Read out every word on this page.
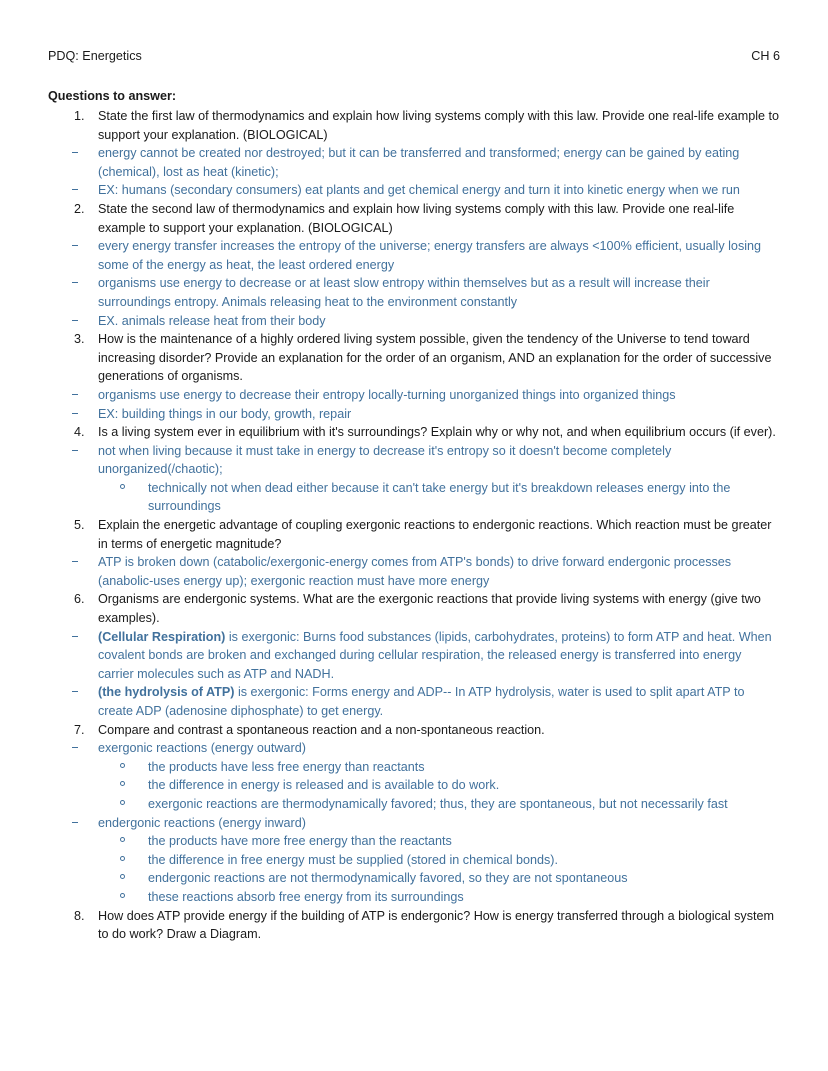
PDQ: Energetics	CH 6
Questions to answer:
1. State the first law of thermodynamics and explain how living systems comply with this law. Provide one real-life example to support your explanation. (BIOLOGICAL)
energy cannot be created nor destroyed; but it can be transferred and transformed; energy can be gained by eating (chemical), lost as heat (kinetic);
EX: humans (secondary consumers) eat plants and get chemical energy and turn it into kinetic energy when we run
2. State the second law of thermodynamics and explain how living systems comply with this law. Provide one real-life example to support your explanation. (BIOLOGICAL)
every energy transfer increases the entropy of the universe; energy transfers are always <100% efficient, usually losing some of the energy as heat, the least ordered energy
organisms use energy to decrease or at least slow entropy within themselves but as a result will increase their surroundings entropy. Animals releasing heat to the environment constantly
EX. animals release heat from their body
3. How is the maintenance of a highly ordered living system possible, given the tendency of the Universe to tend toward increasing disorder? Provide an explanation for the order of an organism, AND an explanation for the order of successive generations of organisms.
organisms use energy to decrease their entropy locally-turning unorganized things into organized things
EX: building things in our body, growth, repair
4. Is a living system ever in equilibrium with it's surroundings? Explain why or why not, and when equilibrium occurs (if ever).
not when living because it must take in energy to decrease it's entropy so it doesn't become completely unorganized(/chaotic);
technically not when dead either because it can't take energy but it's breakdown releases energy into the surroundings
5. Explain the energetic advantage of coupling exergonic reactions to endergonic reactions. Which reaction must be greater in terms of energetic magnitude?
ATP is broken down (catabolic/exergonic-energy comes from ATP's bonds) to drive forward endergonic processes (anabolic-uses energy up); exergonic reaction must have more energy
6. Organisms are endergonic systems. What are the exergonic reactions that provide living systems with energy (give two examples).
(Cellular Respiration) is exergonic: Burns food substances (lipids, carbohydrates, proteins) to form ATP and heat. When covalent bonds are broken and exchanged during cellular respiration, the released energy is transferred into energy carrier molecules such as ATP and NADH.
(the hydrolysis of ATP) is exergonic: Forms energy and ADP-- In ATP hydrolysis, water is used to split apart ATP to create ADP (adenosine diphosphate) to get energy.
7. Compare and contrast a spontaneous reaction and a non-spontaneous reaction.
exergonic reactions (energy outward)
the products have less free energy than reactants
the difference in energy is released and is available to do work.
exergonic reactions are thermodynamically favored; thus, they are spontaneous, but not necessarily fast
endergonic reactions (energy inward)
the products have more free energy than the reactants
the difference in free energy must be supplied (stored in chemical bonds).
endergonic reactions are not thermodynamically favored, so they are not spontaneous
these reactions absorb free energy from its surroundings
8. How does ATP provide energy if the building of ATP is endergonic? How is energy transferred through a biological system to do work? Draw a Diagram.
